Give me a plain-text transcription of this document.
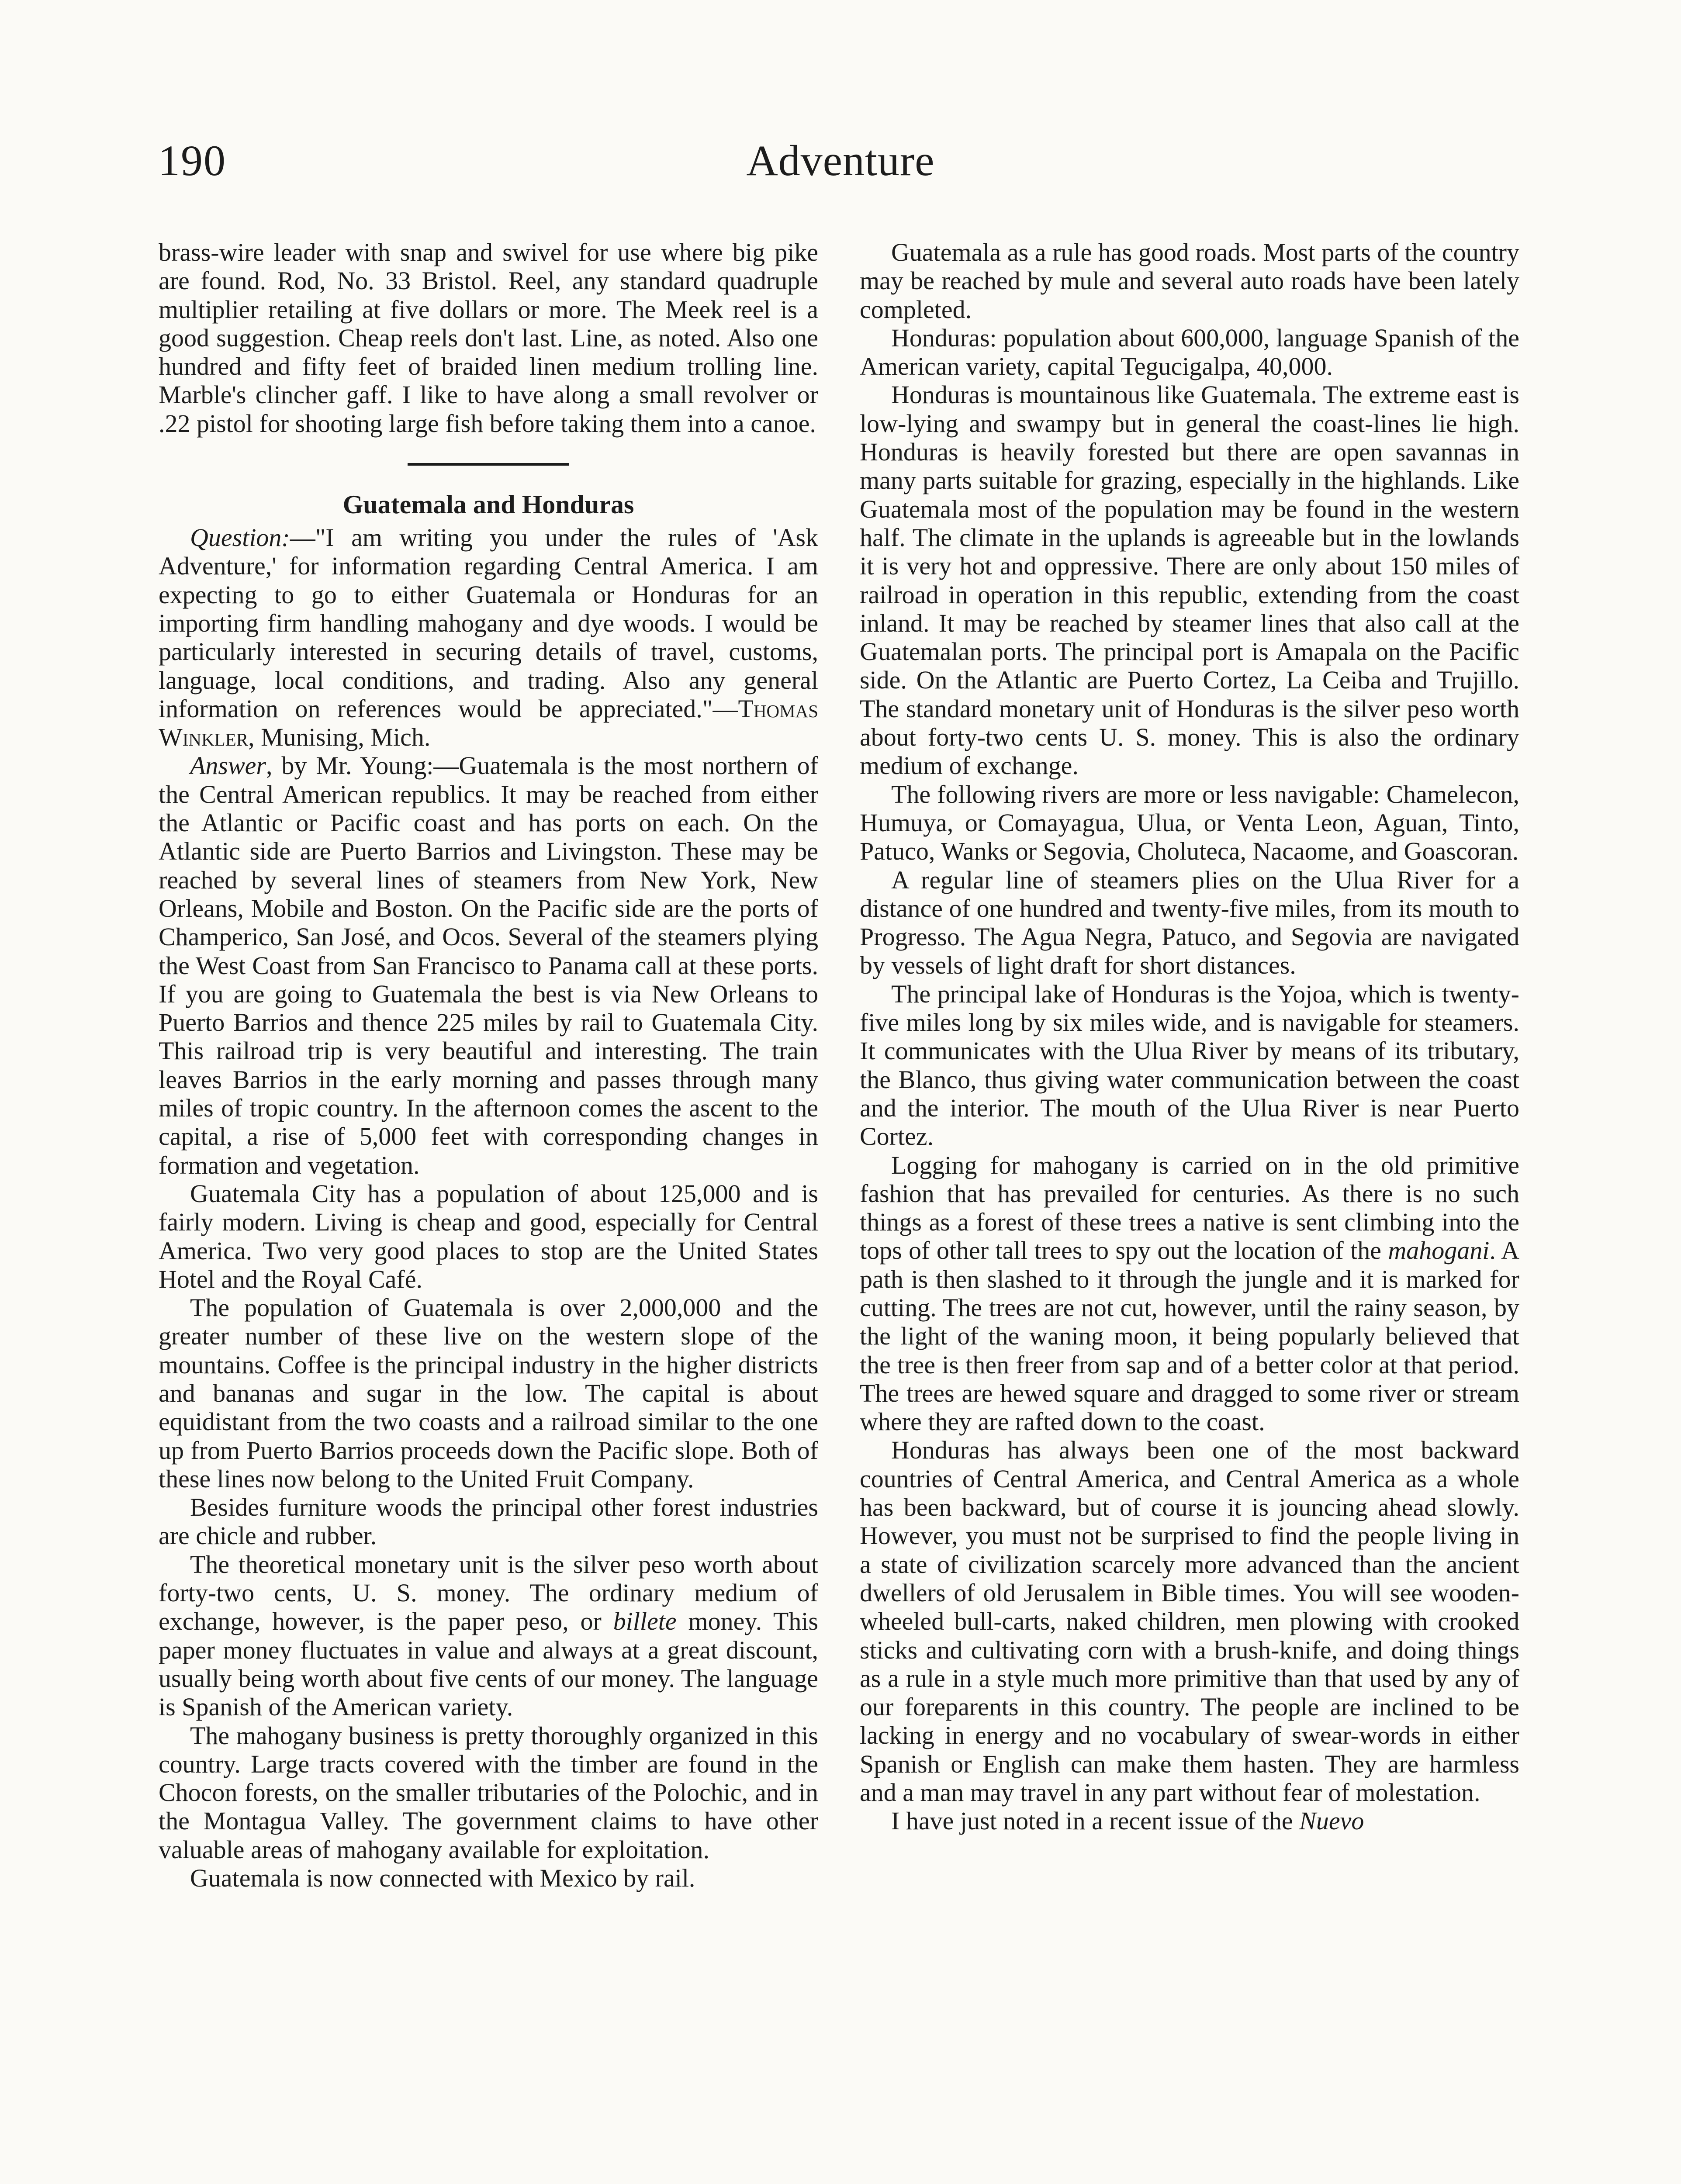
190	Adventure

brass-wire leader with snap and swivel for use where big pike are found. Rod, No. 33 Bristol. Reel, any standard quadruple multiplier retailing at five dollars or more. The Meek reel is a good suggestion. Cheap reels don't last. Line, as noted. Also one hundred and fifty feet of braided linen medium trolling line. Marble's clincher gaff. I like to have along a small revolver or .22 pistol for shooting large fish before taking them into a canoe.

Guatemala and Honduras

Question:—"I am writing you under the rules of 'Ask Adventure,' for information regarding Central America. I am expecting to go to either Guatemala or Honduras for an importing firm handling mahogany and dye woods. I would be particularly interested in securing details of travel, customs, language, local conditions, and trading. Also any general information on references would be appreciated."—Thomas Winkler, Munising, Mich.

Answer, by Mr. Young:—Guatemala is the most northern of the Central American republics. It may be reached from either the Atlantic or Pacific coast and has ports on each. On the Atlantic side are Puerto Barrios and Livingston. These may be reached by several lines of steamers from New York, New Orleans, Mobile and Boston. On the Pacific side are the ports of Champerico, San José, and Ocos. Several of the steamers plying the West Coast from San Francisco to Panama call at these ports. If you are going to Guatemala the best is via New Orleans to Puerto Barrios and thence 225 miles by rail to Guatemala City. This railroad trip is very beautiful and interesting. The train leaves Barrios in the early morning and passes through many miles of tropic country. In the afternoon comes the ascent to the capital, a rise of 5,000 feet with corresponding changes in formation and vegetation.

Guatemala City has a population of about 125,000 and is fairly modern. Living is cheap and good, especially for Central America. Two very good places to stop are the United States Hotel and the Royal Café.

The population of Guatemala is over 2,000,000 and the greater number of these live on the western slope of the mountains. Coffee is the principal industry in the higher districts and bananas and sugar in the low. The capital is about equidistant from the two coasts and a railroad similar to the one up from Puerto Barrios proceeds down the Pacific slope. Both of these lines now belong to the United Fruit Company.

Besides furniture woods the principal other forest industries are chicle and rubber.

The theoretical monetary unit is the silver peso worth about forty-two cents, U. S. money. The ordinary medium of exchange, however, is the paper peso, or billete money. This paper money fluctuates in value and always at a great discount, usually being worth about five cents of our money. The language is Spanish of the American variety.

The mahogany business is pretty thoroughly organized in this country. Large tracts covered with the timber are found in the Chocon forests, on the smaller tributaries of the Polochic, and in the Montagua Valley. The government claims to have other valuable areas of mahogany available for exploitation.

Guatemala is now connected with Mexico by rail.

Guatemala as a rule has good roads. Most parts of the country may be reached by mule and several auto roads have been lately completed.

Honduras: population about 600,000, language Spanish of the American variety, capital Tegucigalpa, 40,000.

Honduras is mountainous like Guatemala. The extreme east is low-lying and swampy but in general the coast-lines lie high. Honduras is heavily forested but there are open savannas in many parts suitable for grazing, especially in the highlands. Like Guatemala most of the population may be found in the western half. The climate in the uplands is agreeable but in the lowlands it is very hot and oppressive. There are only about 150 miles of railroad in operation in this republic, extending from the coast inland. It may be reached by steamer lines that also call at the Guatemalan ports. The principal port is Amapala on the Pacific side. On the Atlantic are Puerto Cortez, La Ceiba and Trujillo. The standard monetary unit of Honduras is the silver peso worth about forty-two cents U. S. money. This is also the ordinary medium of exchange.

The following rivers are more or less navigable: Chamelecon, Humuya, or Comayagua, Ulua, or Venta Leon, Aguan, Tinto, Patuco, Wanks or Segovia, Choluteca, Nacaome, and Goascoran.

A regular line of steamers plies on the Ulua River for a distance of one hundred and twenty-five miles, from its mouth to Progresso. The Agua Negra, Patuco, and Segovia are navigated by vessels of light draft for short distances.

The principal lake of Honduras is the Yojoa, which is twenty-five miles long by six miles wide, and is navigable for steamers. It communicates with the Ulua River by means of its tributary, the Blanco, thus giving water communication between the coast and the interior. The mouth of the Ulua River is near Puerto Cortez.

Logging for mahogany is carried on in the old primitive fashion that has prevailed for centuries. As there is no such things as a forest of these trees a native is sent climbing into the tops of other tall trees to spy out the location of the mahogani. A path is then slashed to it through the jungle and it is marked for cutting. The trees are not cut, however, until the rainy season, by the light of the waning moon, it being popularly believed that the tree is then freer from sap and of a better color at that period. The trees are hewed square and dragged to some river or stream where they are rafted down to the coast.

Honduras has always been one of the most backward countries of Central America, and Central America as a whole has been backward, but of course it is jouncing ahead slowly. However, you must not be surprised to find the people living in a state of civilization scarcely more advanced than the ancient dwellers of old Jerusalem in Bible times. You will see wooden-wheeled bull-carts, naked children, men plowing with crooked sticks and cultivating corn with a brush-knife, and doing things as a rule in a style much more primitive than that used by any of our foreparents in this country. The people are inclined to be lacking in energy and no vocabulary of swear-words in either Spanish or English can make them hasten. They are harmless and a man may travel in any part without fear of molestation.

I have just noted in a recent issue of the Nuevo
